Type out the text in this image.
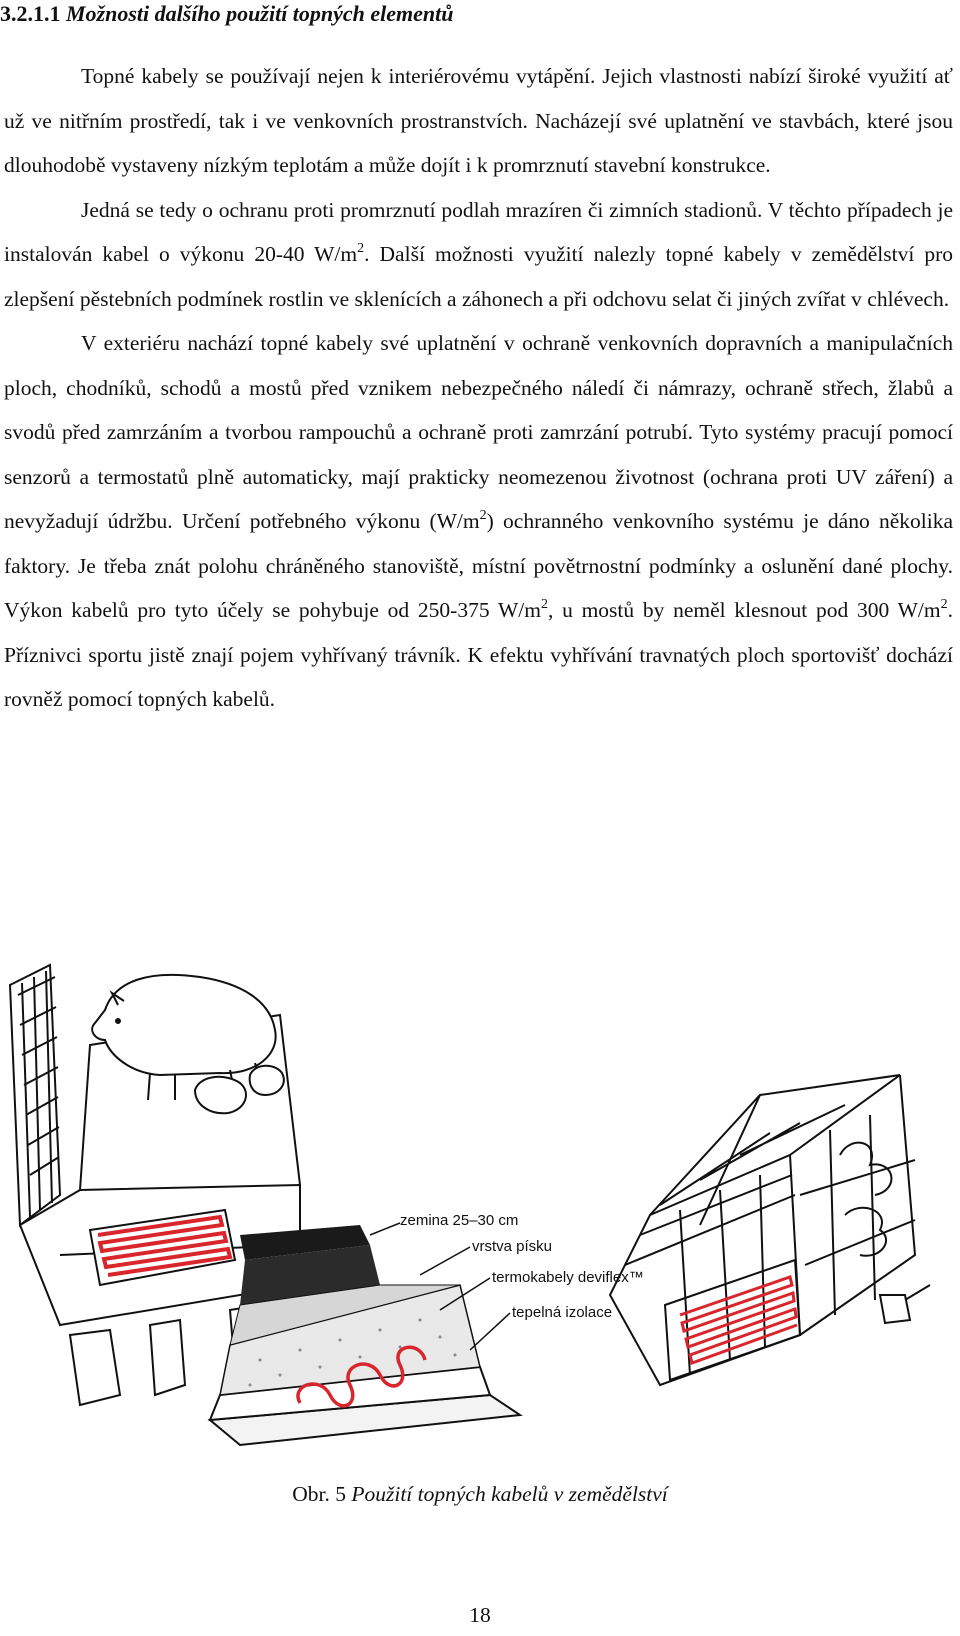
3.2.1.1 Možnosti dalšího použití topných elementů

Topné kabely se používají nejen k interiérovému vytápění. Jejich vlastnosti nabízí široké využití ať už ve nitřním prostředí, tak i ve venkovních prostranstvích. Nacházejí své uplatnění ve stavbách, které jsou dlouhodobě vystaveny nízkým teplotám a může dojít i k promrznutí stavební konstrukce.

Jedná se tedy o ochranu proti promrznutí podlah mrazíren či zimních stadionů. V těchto případech je instalován kabel o výkonu 20-40 $W/m^2$. Další možnosti využití nalezly topné kabely v zemědělství pro zlepšení pěstebních podmínek rostlin ve sklenících a záhonech a při odchovu selat či jiných zvířat v chlévech.

V exteriéru nachází topné kabely své uplatnění v ochraně venkovních dopravních a manipulačních ploch, chodníků, schodů a mostů před vznikem nebezpečného náledí či námrazy, ochraně střech, žlabů a svodů před zamrzáním a tvorbou rampouchů a ochraně proti zamrzání potrubí. Tyto systémy pracují pomocí senzorů a termostatů plně automaticky, mají prakticky neomezenou životnost (ochrana proti UV záření) a nevyžadují údržbu. Určení potřebného výkonu $(W/m^2)$ ochranného venkovního systému je dáno několika faktory. Je třeba znát polohu chráněného stanoviště, místní povětrnostní podmínky a oslunění dané plochy. Výkon kabelů pro tyto účely se pohybuje od 250-375 $W/m^2$, u mostů by neměl klesnout pod 300 $W/m^2$. Příznivci sportu jistě znají pojem vyhřívaný trávník. K efektu vyhřívání travnatých ploch sportovišť dochází rovněž pomocí topných kabelů.

zemina 25–30 cm
vrstva písku
termokabely deviflex™
tepelná izolace
Obr. 5 Použití topných kabelů v zemědělství
18
